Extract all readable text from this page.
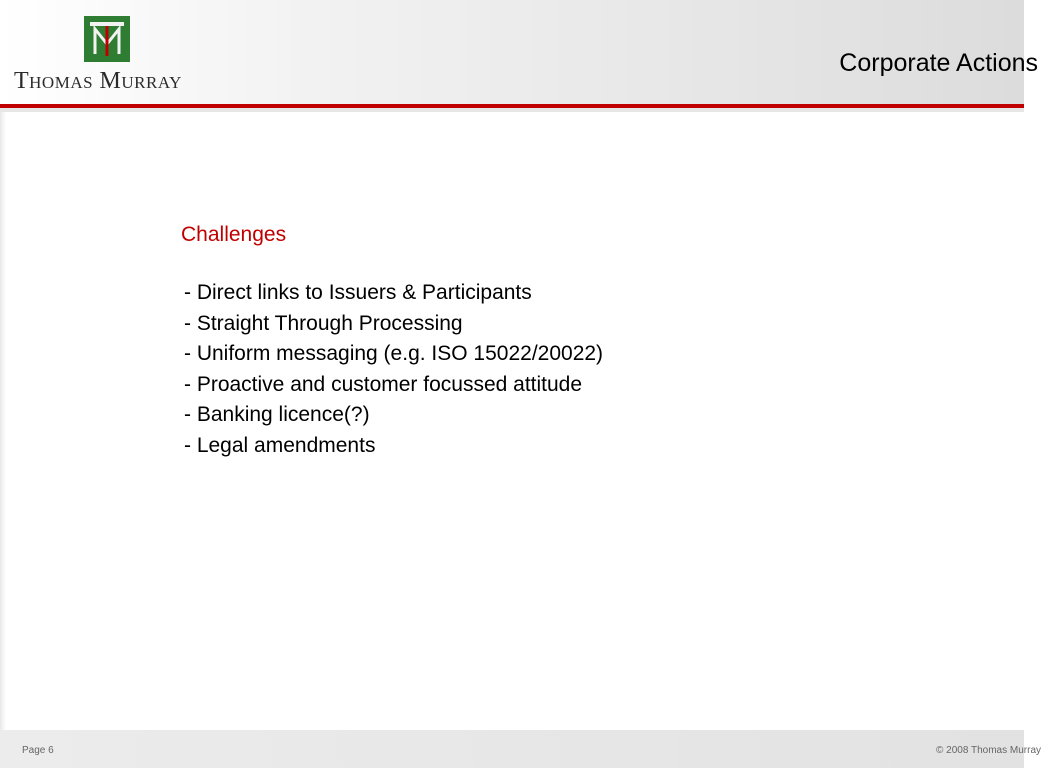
Thomas Murray
Corporate Actions
Challenges
- Direct links to Issuers & Participants
- Straight Through Processing
- Uniform messaging (e.g. ISO 15022/20022)
- Proactive and customer focussed attitude
- Banking licence(?)
- Legal amendments
Page 6	© 2008 Thomas Murray
